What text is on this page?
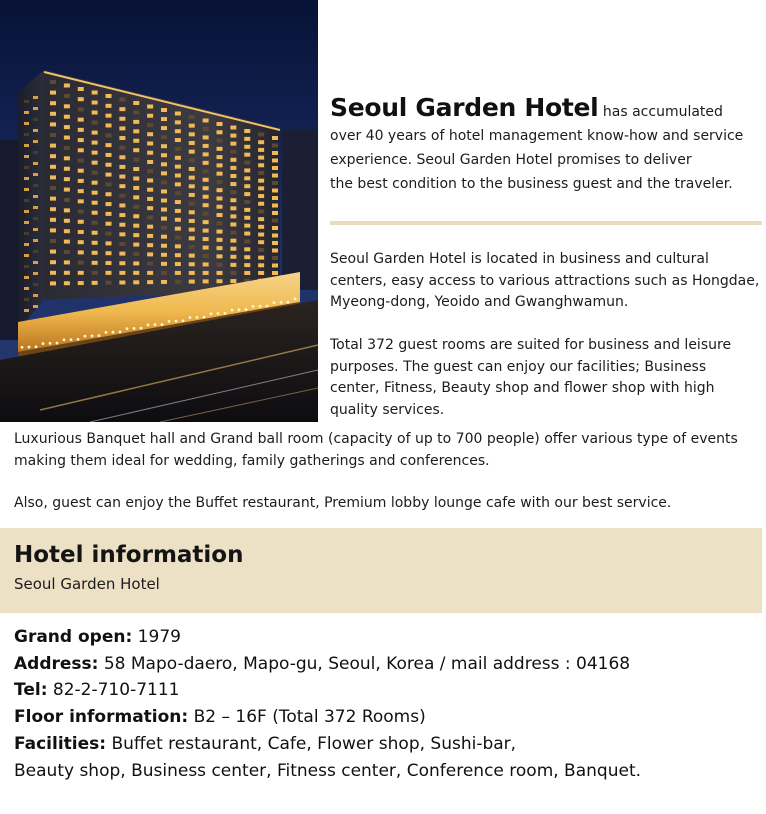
Seoul Garden Hotel has accumulated
over 40 years of hotel management know-how and service
experience. Seoul Garden Hotel promises to deliver
the best condition to the business guest and the traveler.
Seoul Garden Hotel is located in business and cultural centers, easy access to various attractions such as Hongdae, Myeong-dong, Yeoido and Gwanghwamun.
Total 372 guest rooms are suited for business and leisure purposes. The guest can enjoy our facilities; Business center, Fitness, Beauty shop and flower shop with high quality services.
Luxurious Banquet hall and Grand ball room (capacity of up to 700 people) offer various type of events making them ideal for wedding, family gatherings and conferences.
Also, guest can enjoy the Buffet restaurant, Premium lobby lounge cafe with our best service.
Hotel information
Seoul Garden Hotel
Grand open: 1979
Address: 58 Mapo-daero, Mapo-gu, Seoul, Korea / mail address : 04168
Tel: 82-2-710-7111
Floor information: B2 – 16F (Total 372 Rooms)
Facilities: Buffet restaurant, Cafe, Flower shop, Sushi-bar,
Beauty shop, Business center, Fitness center, Conference room, Banquet.
